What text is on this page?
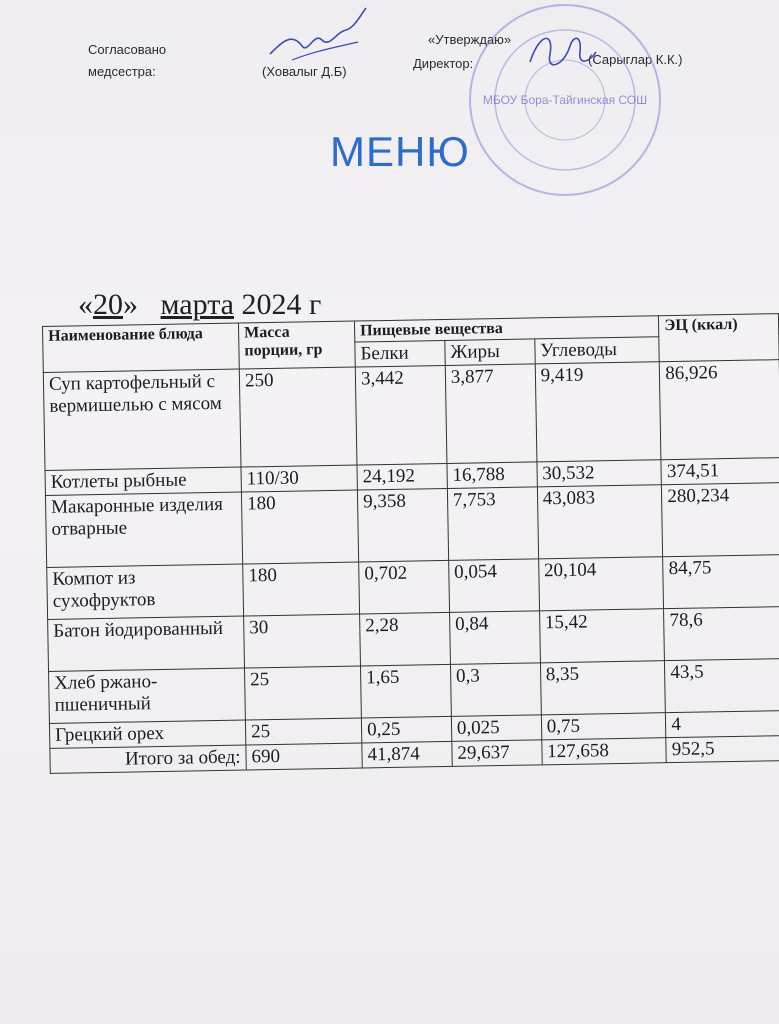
Согласовано
медсестра:	(Ховалыг Д.Б)
«Утверждаю»
Директор:	(Сарыглар К.К.)
МБОУ Бора-Тайгинская СОШ
МЕНЮ
«20» марта 2024 г
Наименование блюда	Масса порции, гр	Пищевые вещества			ЭЦ (ккал)
		Белки	Жиры	Углеводы	
Суп картофельный с вермишелью с мясом	250	3,442	3,877	9,419	86,926
Котлеты рыбные	110/30	24,192	16,788	30,532	374,51
Макаронные изделия отварные	180	9,358	7,753	43,083	280,234
Компот из сухофруктов	180	0,702	0,054	20,104	84,75
Батон йодированный	30	2,28	0,84	15,42	78,6
Хлеб ржано-пшеничный	25	1,65	0,3	8,35	43,5
Грецкий орех	25	0,25	0,025	0,75	4
Итого за обед:	690	41,874	29,637	127,658	952,5
